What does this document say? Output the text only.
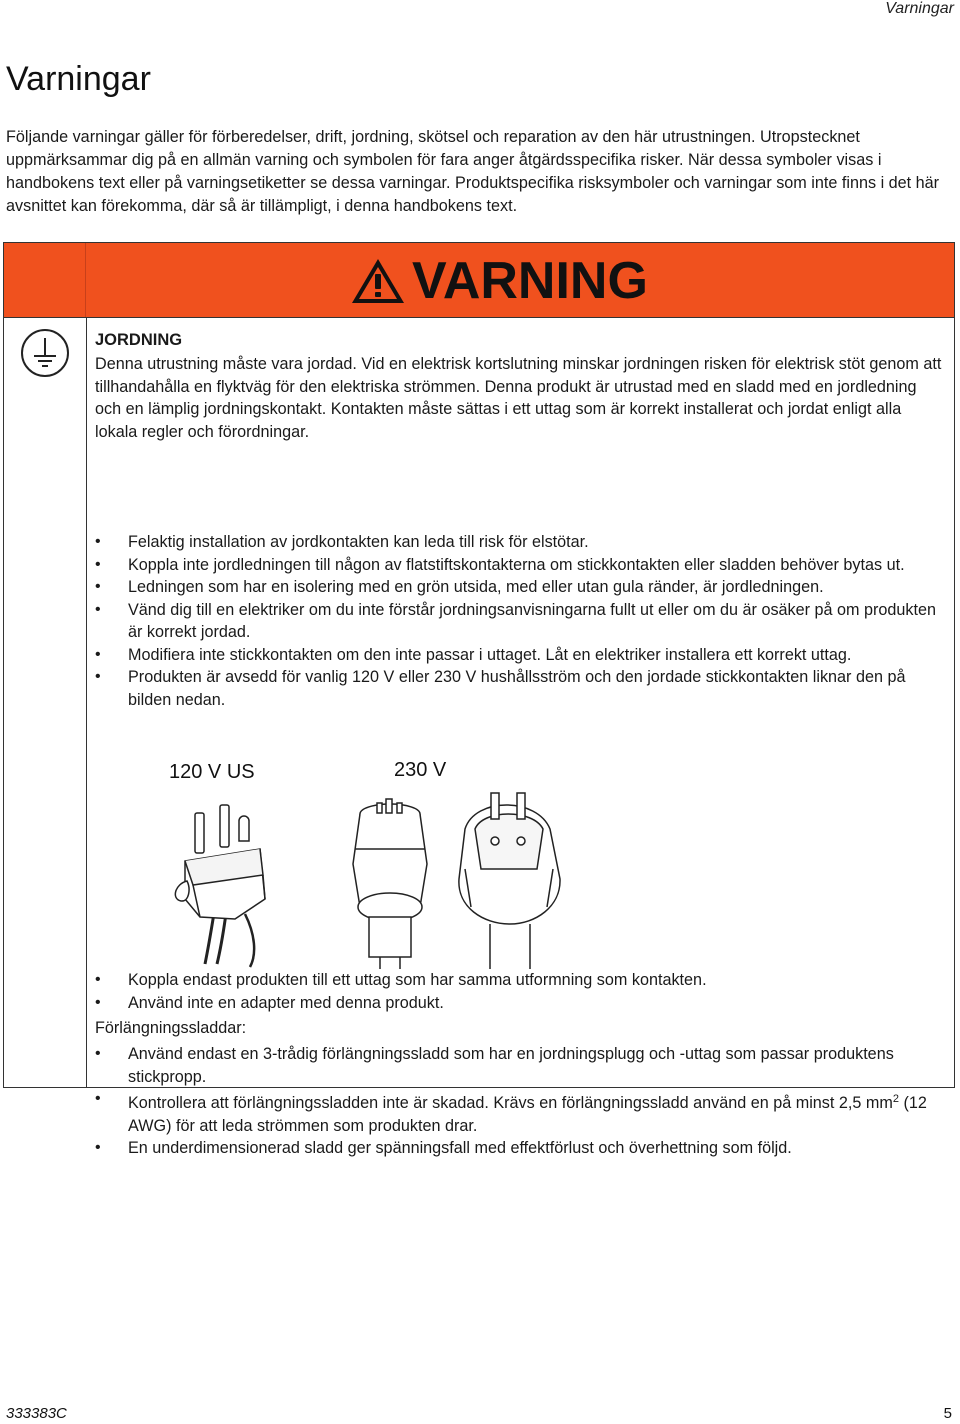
Varningar
Varningar

Följande varningar gäller för förberedelser, drift, jordning, skötsel och reparation av den här utrustningen. Utropstecknet uppmärksammar dig på en allmän varning och symbolen för fara anger åtgärdsspecifika risker. När dessa symboler visas i handbokens text eller på varningsetiketter se dessa varningar. Produktspecifika risksymboler och varningar som inte finns i det här avsnittet kan förekomma, där så är tillämpligt, i denna handbokens text.

VARNING
JORDNING

Denna utrustning måste vara jordad. Vid en elektrisk kortslutning minskar jordningen risken för elektrisk stöt genom att tillhandahålla en flyktväg för den elektriska strömmen. Denna produkt är utrustad med en sladd med en jordledning och en lämplig jordningskontakt. Kontakten måste sättas i ett uttag som är korrekt installerat och jordat enligt alla lokala regler och förordningar.

• Felaktig installation av jordkontakten kan leda till risk för elstötar.
• Koppla inte jordledningen till någon av flatstiftskontakterna om stickkontakten eller sladden behöver bytas ut.
• Ledningen som har en isolering med en grön utsida, med eller utan gula ränder, är jordledningen.
• Vänd dig till en elektriker om du inte förstår jordningsanvisningarna fullt ut eller om du är osäker på om produkten är korrekt jordad.
• Modifiera inte stickkontakten om den inte passar i uttaget. Låt en elektriker installera ett korrekt uttag.
• Produkten är avsedd för vanlig 120 V eller 230 V hushållsström och den jordade stickkontakten liknar den på bilden nedan.
120 V US	230 V
• Koppla endast produkten till ett uttag som har samma utformning som kontakten.
• Använd inte en adapter med denna produkt.
Förlängningssladdar:
• Använd endast en 3-trådig förlängningssladd som har en jordningsplugg och -uttag som passar produktens stickpropp.
• Kontrollera att förlängningssladden inte är skadad. Krävs en förlängningssladd använd en på minst 2,5 $mm^2$ (12 AWG) för att leda strömmen som produkten drar.
• En underdimensionerad sladd ger spänningsfall med effektförlust och överhettning som följd.
333383C	5
